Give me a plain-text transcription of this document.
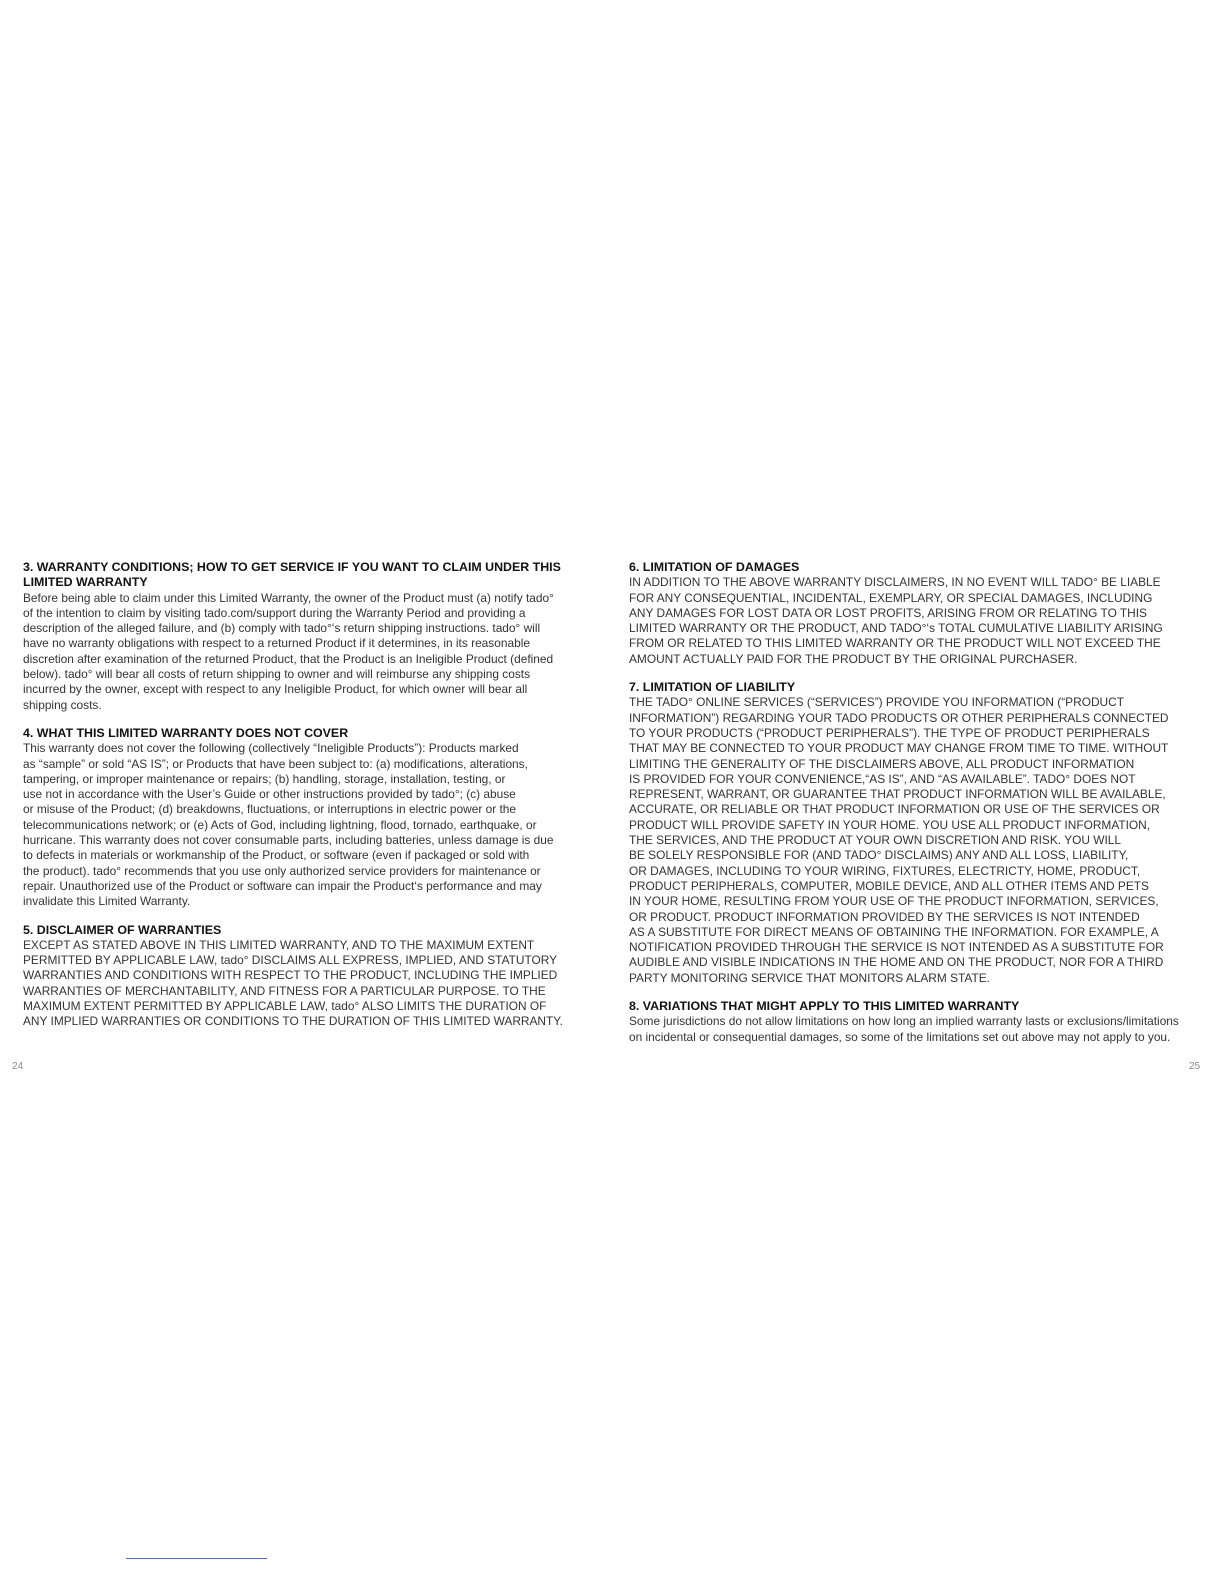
3. WARRANTY CONDITIONS; HOW TO GET SERVICE IF YOU WANT TO CLAIM UNDER THIS LIMITED WARRANTY
Before being able to claim under this Limited Warranty, the owner of the Product must (a) notify tado°
of the intention to claim by visiting tado.com/support during the Warranty Period and providing a
description of the alleged failure, and (b) comply with tado°‘s return shipping instructions. tado° will
have no warranty obligations with respect to a returned Product if it determines, in its reasonable
discretion after examination of the returned Product, that the Product is an Ineligible Product (defined
below). tado° will bear all costs of return shipping to owner and will reimburse any shipping costs
incurred by the owner, except with respect to any Ineligible Product, for which owner will bear all
shipping costs.
4. WHAT THIS LIMITED WARRANTY DOES NOT COVER
This warranty does not cover the following (collectively “Ineligible Products”): Products marked
as “sample” or sold “AS IS”; or Products that have been subject to: (a) modifications, alterations,
tampering, or improper maintenance or repairs; (b) handling, storage, installation, testing, or
use not in accordance with the User’s Guide or other instructions provided by tado°; (c) abuse
or misuse of the Product; (d) breakdowns, fluctuations, or interruptions in electric power or the
telecommunications network; or (e) Acts of God, including lightning, flood, tornado, earthquake, or
hurricane. This warranty does not cover consumable parts, including batteries, unless damage is due
to defects in materials or workmanship of the Product, or software (even if packaged or sold with
the product). tado° recommends that you use only authorized service providers for maintenance or
repair. Unauthorized use of the Product or software can impair the Product‘s performance and may
invalidate this Limited Warranty.
5. DISCLAIMER OF WARRANTIES
EXCEPT AS STATED ABOVE IN THIS LIMITED WARRANTY, AND TO THE MAXIMUM EXTENT
PERMITTED BY APPLICABLE LAW, tado° DISCLAIMS ALL EXPRESS, IMPLIED, AND STATUTORY
WARRANTIES AND CONDITIONS WITH RESPECT TO THE PRODUCT, INCLUDING THE IMPLIED
WARRANTIES OF MERCHANTABILITY, AND FITNESS FOR A PARTICULAR PURPOSE. TO THE
MAXIMUM EXTENT PERMITTED BY APPLICABLE LAW, tado° ALSO LIMITS THE DURATION OF
ANY IMPLIED WARRANTIES OR CONDITIONS TO THE DURATION OF THIS LIMITED WARRANTY.
6. LIMITATION OF DAMAGES
IN ADDITION TO THE ABOVE WARRANTY DISCLAIMERS, IN NO EVENT WILL TADO° BE LIABLE
FOR ANY CONSEQUENTIAL, INCIDENTAL, EXEMPLARY, OR SPECIAL DAMAGES, INCLUDING
ANY DAMAGES FOR LOST DATA OR LOST PROFITS, ARISING FROM OR RELATING TO THIS
LIMITED WARRANTY OR THE PRODUCT, AND TADO°‘s TOTAL CUMULATIVE LIABILITY ARISING
FROM OR RELATED TO THIS LIMITED WARRANTY OR THE PRODUCT WILL NOT EXCEED THE
AMOUNT ACTUALLY PAID FOR THE PRODUCT BY THE ORIGINAL PURCHASER.
7. LIMITATION OF LIABILITY
THE TADO° ONLINE SERVICES (“SERVICES”) PROVIDE YOU INFORMATION (“PRODUCT
INFORMATION”) REGARDING YOUR TADO PRODUCTS OR OTHER PERIPHERALS CONNECTED
TO YOUR PRODUCTS (“PRODUCT PERIPHERALS”). THE TYPE OF PRODUCT PERIPHERALS
THAT MAY BE CONNECTED TO YOUR PRODUCT MAY CHANGE FROM TIME TO TIME. WITHOUT
LIMITING THE GENERALITY OF THE DISCLAIMERS ABOVE, ALL PRODUCT INFORMATION
IS PROVIDED FOR YOUR CONVENIENCE,“AS IS”, AND “AS AVAILABLE”. TADO° DOES NOT
REPRESENT, WARRANT, OR GUARANTEE THAT PRODUCT INFORMATION WILL BE AVAILABLE,
ACCURATE, OR RELIABLE OR THAT PRODUCT INFORMATION OR USE OF THE SERVICES OR
PRODUCT WILL PROVIDE SAFETY IN YOUR HOME. YOU USE ALL PRODUCT INFORMATION,
THE SERVICES, AND THE PRODUCT AT YOUR OWN DISCRETION AND RISK. YOU WILL
BE SOLELY RESPONSIBLE FOR (AND TADO° DISCLAIMS) ANY AND ALL LOSS, LIABILITY,
OR DAMAGES, INCLUDING TO YOUR WIRING, FIXTURES, ELECTRICTY, HOME, PRODUCT,
PRODUCT PERIPHERALS, COMPUTER, MOBILE DEVICE, AND ALL OTHER ITEMS AND PETS
IN YOUR HOME, RESULTING FROM YOUR USE OF THE PRODUCT INFORMATION, SERVICES,
OR PRODUCT. PRODUCT INFORMATION PROVIDED BY THE SERVICES IS NOT INTENDED
AS A SUBSTITUTE FOR DIRECT MEANS OF OBTAINING THE INFORMATION. FOR EXAMPLE, A
NOTIFICATION PROVIDED THROUGH THE SERVICE IS NOT INTENDED AS A SUBSTITUTE FOR
AUDIBLE AND VISIBLE INDICATIONS IN THE HOME AND ON THE PRODUCT, NOR FOR A THIRD
PARTY MONITORING SERVICE THAT MONITORS ALARM STATE.
8. VARIATIONS THAT MIGHT APPLY TO THIS LIMITED WARRANTY
Some jurisdictions do not allow limitations on how long an implied warranty lasts or exclusions/limitations
on incidental or consequential damages, so some of the limitations set out above may not apply to you.
24	25
